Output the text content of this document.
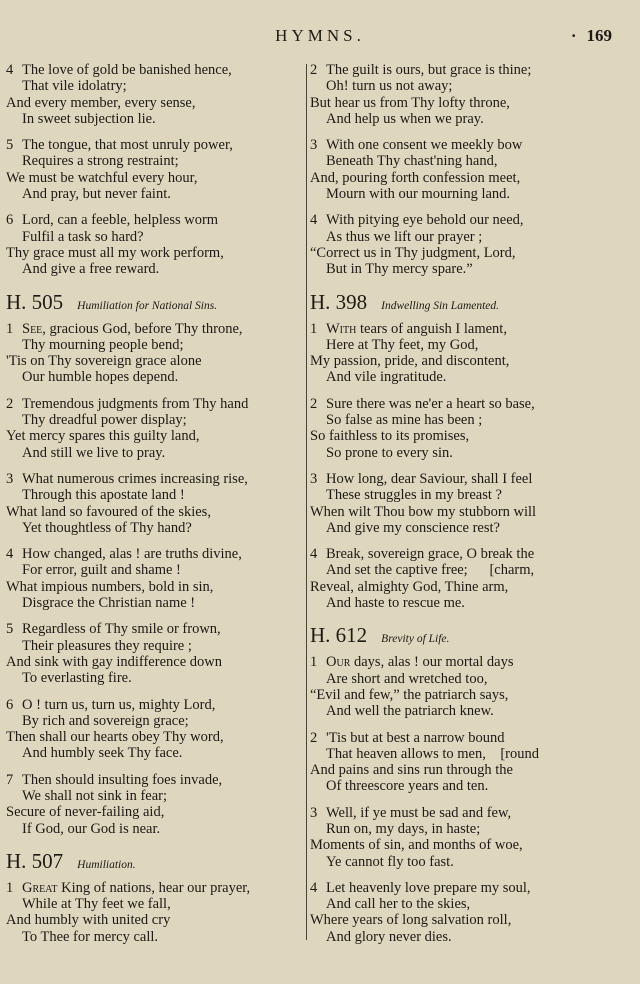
HYMNS.	· 169
4 The love of gold be banished hence,
That vile idolatry;
And every member, every sense,
In sweet subjection lie.
5 The tongue, that most unruly power,
Requires a strong restraint;
We must be watchful every hour,
And pray, but never faint.
6 Lord, can a feeble, helpless worm
Fulfil a task so hard?
Thy grace must all my work perform,
And give a free reward.
H. 505 Humiliation for National Sins.
1 See, gracious God, before Thy throne,
Thy mourning people bend;
'Tis on Thy sovereign grace alone
Our humble hopes depend.
2 Tremendous judgments from Thy hand
Thy dreadful power display;
Yet mercy spares this guilty land,
And still we live to pray.
3 What numerous crimes increasing rise,
Through this apostate land !
What land so favoured of the skies,
Yet thoughtless of Thy hand?
4 How changed, alas ! are truths divine,
For error, guilt and shame !
What impious numbers, bold in sin,
Disgrace the Christian name !
5 Regardless of Thy smile or frown,
Their pleasures they require ;
And sink with gay indifference down
To everlasting fire.
6 O ! turn us, turn us, mighty Lord,
By rich and sovereign grace;
Then shall our hearts obey Thy word,
And humbly seek Thy face.
7 Then should insulting foes invade,
We shall not sink in fear;
Secure of never-failing aid,
If God, our God is near.
H. 507 Humiliation.
1 Great King of nations, hear our prayer,
While at Thy feet we fall,
And humbly with united cry
To Thee for mercy call.
2 The guilt is ours, but grace is thine;
Oh! turn us not away;
But hear us from Thy lofty throne,
And help us when we pray.
3 With one consent we meekly bow
Beneath Thy chast'ning hand,
And, pouring forth confession meet,
Mourn with our mourning land.
4 With pitying eye behold our need,
As thus we lift our prayer ;
“Correct us in Thy judgment, Lord,
But in Thy mercy spare.”
H. 398 Indwelling Sin Lamented.
1 With tears of anguish I lament,
Here at Thy feet, my God,
My passion, pride, and discontent,
And vile ingratitude.
2 Sure there was ne'er a heart so base,
So false as mine has been ;
So faithless to its promises,
So prone to every sin.
3 How long, dear Saviour, shall I feel
These struggles in my breast ?
When wilt Thou bow my stubborn will
And give my conscience rest?
4 Break, sovereign grace, O break the
And set the captive free;      [charm,
Reveal, almighty God, Thine arm,
And haste to rescue me.
H. 612 Brevity of Life.
1 Our days, alas ! our mortal days
Are short and wretched too,
“Evil and few,” the patriarch says,
And well the patriarch knew.
2 'Tis but at best a narrow bound
That heaven allows to men,    [round
And pains and sins run through the
Of threescore years and ten.
3 Well, if ye must be sad and few,
Run on, my days, in haste;
Moments of sin, and months of woe,
Ye cannot fly too fast.
4 Let heavenly love prepare my soul,
And call her to the skies,
Where years of long salvation roll,
And glory never dies.
